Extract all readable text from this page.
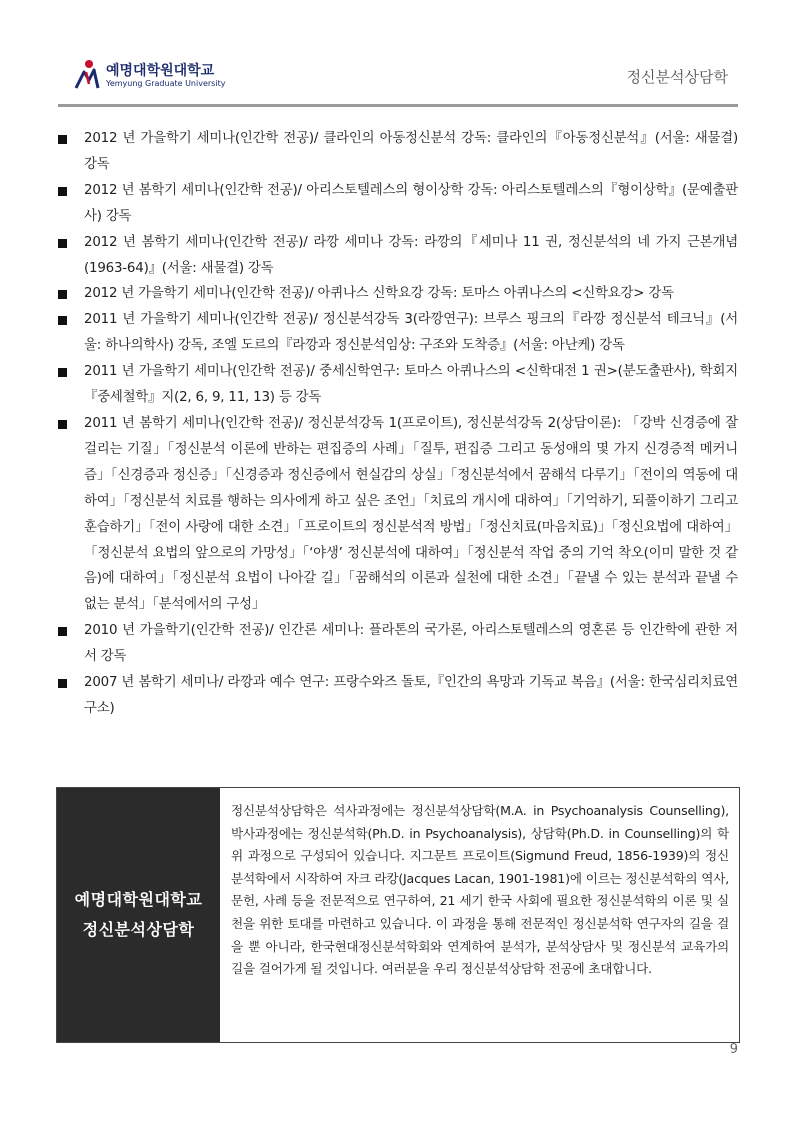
예명대학원대학교
Yemyung Graduate University	정신분석상담학
2012 년 가을학기 세미나(인간학 전공)/ 클라인의 아동정신분석 강독: 클라인의『아동정신분석』(서울: 새물결) 강독
2012 년 봄학기 세미나(인간학 전공)/ 아리스토텔레스의 형이상학 강독: 아리스토텔레스의『형이상학』(문예출판사) 강독
2012 년 봄학기 세미나(인간학 전공)/ 라깡 세미나 강독: 라깡의『세미나 11 권, 정신분석의 네 가지 근본개념(1963-64)』(서울: 새물결) 강독
2012 년 가을학기 세미나(인간학 전공)/ 아퀴나스 신학요강 강독: 토마스 아퀴나스의 <신학요강> 강독
2011 년 가을학기 세미나(인간학 전공)/ 정신분석강독 3(라깡연구): 브루스 핑크의『라깡 정신분석 테크닉』(서울: 하나의학사) 강독, 조엘 도르의『라깡과 정신분석임상: 구조와 도착증』(서울: 아난케) 강독
2011 년 가을학기 세미나(인간학 전공)/ 중세신학연구: 토마스 아퀴나스의 <신학대전 1 권>(분도출판사), 학회지『중세철학』지(2, 6, 9, 11, 13) 등 강독
2011 년 봄학기 세미나(인간학 전공)/ 정신분석강독 1(프로이트), 정신분석강독 2(상담이론): 「강박 신경증에 잘 걸리는 기질」「정신분석 이론에 반하는 편집증의 사례」「질투, 편집증 그리고 동성애의 몇 가지 신경증적 메커니즘」「신경증과 정신증」「신경증과 정신증에서 현실감의 상실」「정신분석에서 꿈해석 다루기」「전이의 역동에 대하여」「정신분석 치료를 행하는 의사에게 하고 싶은 조언」「치료의 개시에 대하여」「기억하기, 되풀이하기 그리고 훈습하기」「전이 사랑에 대한 소견」「프로이트의 정신분석적 방법」「정신치료(마음치료)」「정신요법에 대하여」「정신분석 요법의 앞으로의 가망성」「‘야생’ 정신분석에 대하여」「정신분석 작업 중의 기억 착오(이미 말한 것 같음)에 대하여」「정신분석 요법이 나아갈 길」「꿈해석의 이론과 실천에 대한 소견」「끝낼 수 있는 분석과 끝낼 수 없는 분석」「분석에서의 구성」
2010 년 가을학기(인간학 전공)/ 인간론 세미나: 플라톤의 국가론, 아리스토텔레스의 영혼론 등 인간학에 관한 저서 강독
2007 년 봄학기 세미나/ 라깡과 예수 연구: 프랑수와즈 돌토,『인간의 욕망과 기독교 복음』(서울: 한국심리치료연구소)
예명대학원대학교
정신분석상담학
정신분석상담학은 석사과정에는 정신분석상담학(M.A. in Psychoanalysis Counselling), 박사과정에는 정신분석학(Ph.D. in Psychoanalysis), 상담학(Ph.D. in Counselling)의 학위 과정으로 구성되어 있습니다. 지그문트 프로이트(Sigmund Freud, 1856-1939)의 정신분석학에서 시작하여 자크 라캉(Jacques Lacan, 1901-1981)에 이르는 정신분석학의 역사, 문헌, 사례 등을 전문적으로 연구하여, 21 세기 한국 사회에 필요한 정신분석학의 이론 및 실천을 위한 토대를 마련하고 있습니다. 이 과정을 통해 전문적인 정신분석학 연구자의 길을 걸을 뿐 아니라, 한국현대정신분석학회와 연계하여 분석가, 분석상담사 및 정신분석 교육가의 길을 걸어가게 될 것입니다. 여러분을 우리 정신분석상담학 전공에 초대합니다.
9
